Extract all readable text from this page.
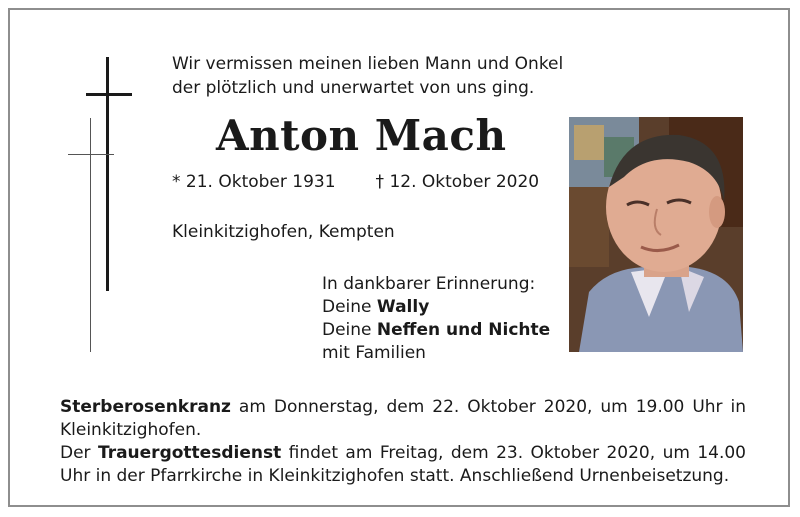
Wir vermissen meinen lieben Mann und Onkel
der plötzlich und unerwartet von uns ging.
Anton Mach
* 21. Oktober 1931 † 12. Oktober 2020
Kleinkitzighofen, Kempten
In dankbarer Erinnerung:
Deine Wally
Deine Neffen und Nichte
mit Familien

Sterberosenkranz am Donnerstag, dem 22. Oktober 2020, um 19.00 Uhr in Kleinkitzighofen.

Der Trauergottesdienst findet am Freitag, dem 23. Oktober 2020, um 14.00 Uhr in der Pfarrkirche in Kleinkitzighofen statt. Anschließend Urnenbeisetzung.
